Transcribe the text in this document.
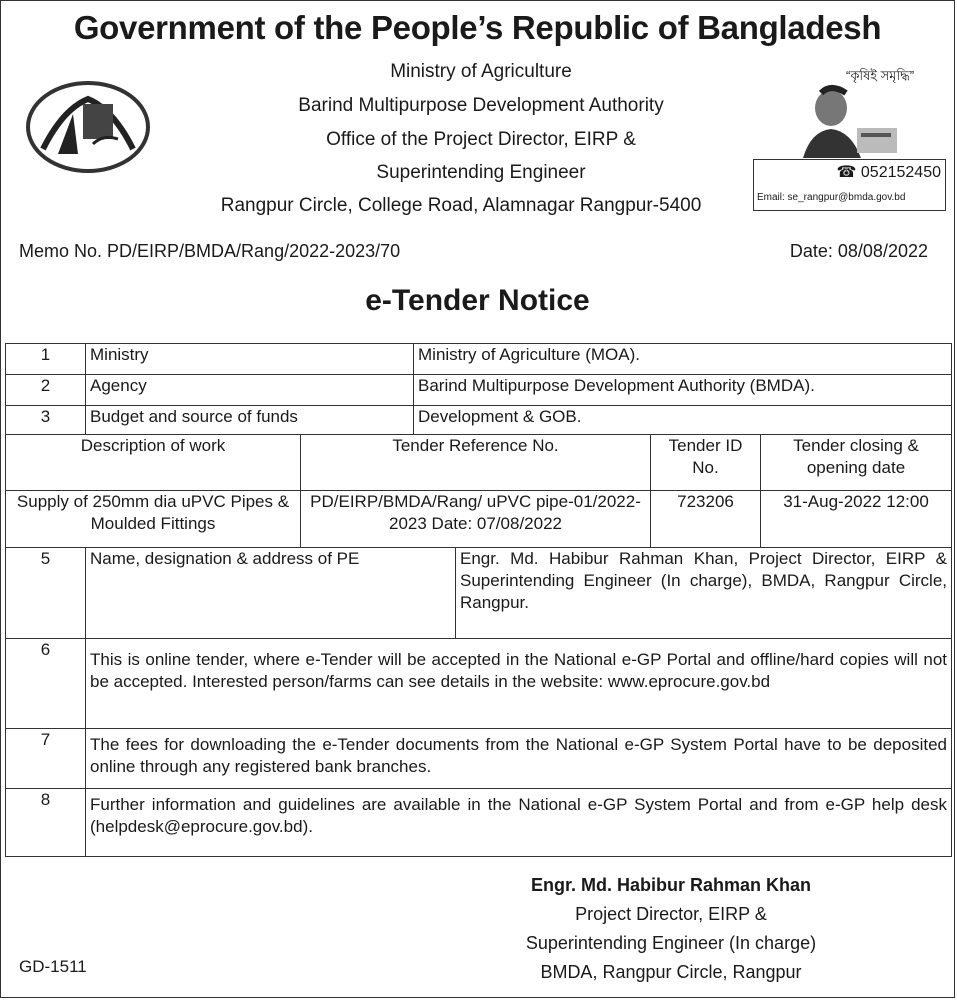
Government of the People’s Republic of Bangladesh
Ministry of Agriculture
Barind Multipurpose Development Authority
Office of the Project Director, EIRP &
Superintending Engineer
Rangpur Circle, College Road, Alamnagar Rangpur-5400
“কৃষিই সমৃদ্ধি”
☎ 052152450
Email: se_rangpur@bmda.gov.bd
Memo No. PD/EIRP/BMDA/Rang/2022-2023/70	Date: 08/08/2022
e-Tender Notice
1	Ministry	Ministry of Agriculture (MOA).
2	Agency	Barind Multipurpose Development Authority (BMDA).
3	Budget and source of funds	Development & GOB.
Description of work	Tender Reference No.	Tender ID No.	Tender closing & opening date
Supply of 250mm dia uPVC Pipes & Moulded Fittings	PD/EIRP/BMDA/Rang/ uPVC pipe-01/2022-2023 Date: 07/08/2022	723206	31-Aug-2022 12:00
5	Name, designation & address of PE	Engr. Md. Habibur Rahman Khan, Project Director, EIRP & Superintending Engineer (In charge), BMDA, Rangpur Circle, Rangpur.
6	This is online tender, where e-Tender will be accepted in the National e-GP Portal and offline/hard copies will not be accepted. Interested person/farms can see details in the website: www.eprocure.gov.bd
7	The fees for downloading the e-Tender documents from the National e-GP System Portal have to be deposited online through any registered bank branches.
8	Further information and guidelines are available in the National e-GP System Portal and from e-GP help desk (helpdesk@eprocure.gov.bd).
Engr. Md. Habibur Rahman Khan
Project Director, EIRP &
Superintending Engineer (In charge)
BMDA, Rangpur Circle, Rangpur
GD-1511
